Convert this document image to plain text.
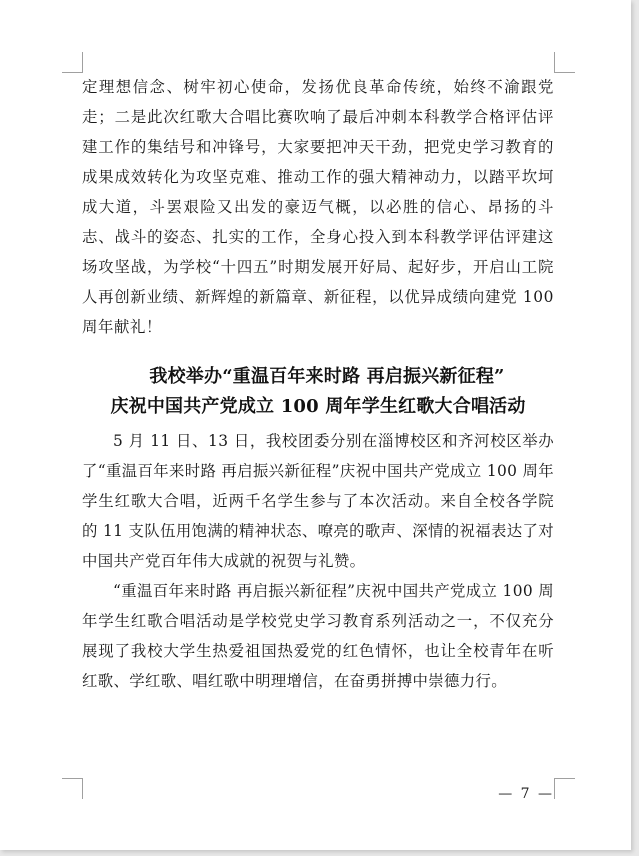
定理想信念、树牢初心使命，发扬优良革命传统，始终不渝跟党走；二是此次红歌大合唱比赛吹响了最后冲刺本科教学合格评估评建工作的集结号和冲锋号，大家要把冲天干劲，把党史学习教育的成果成效转化为攻坚克难、推动工作的强大精神动力，以踏平坎坷成大道，斗罢艰险又出发的豪迈气概，以必胜的信心、昂扬的斗志、战斗的姿态、扎实的工作，全身心投入到本科教学评估评建这场攻坚战，为学校“十四五”时期发展开好局、起好步，开启山工院人再创新业绩、新辉煌的新篇章、新征程，以优异成绩向建党 100 周年献礼！

我校举办“重温百年来时路 再启振兴新征程”
庆祝中国共产党成立 100 周年学生红歌大合唱活动

5 月 11 日、13 日，我校团委分别在淄博校区和齐河校区举办了“重温百年来时路 再启振兴新征程”庆祝中国共产党成立 100 周年学生红歌大合唱，近两千名学生参与了本次活动。来自全校各学院的 11 支队伍用饱满的精神状态、嘹亮的歌声、深情的祝福表达了对中国共产党百年伟大成就的祝贺与礼赞。

“重温百年来时路 再启振兴新征程”庆祝中国共产党成立 100 周年学生红歌合唱活动是学校党史学习教育系列活动之一，不仅充分展现了我校大学生热爱祖国热爱党的红色情怀，也让全校青年在听红歌、学红歌、唱红歌中明理增信，在奋勇拼搏中崇德力行。

— 7 —
